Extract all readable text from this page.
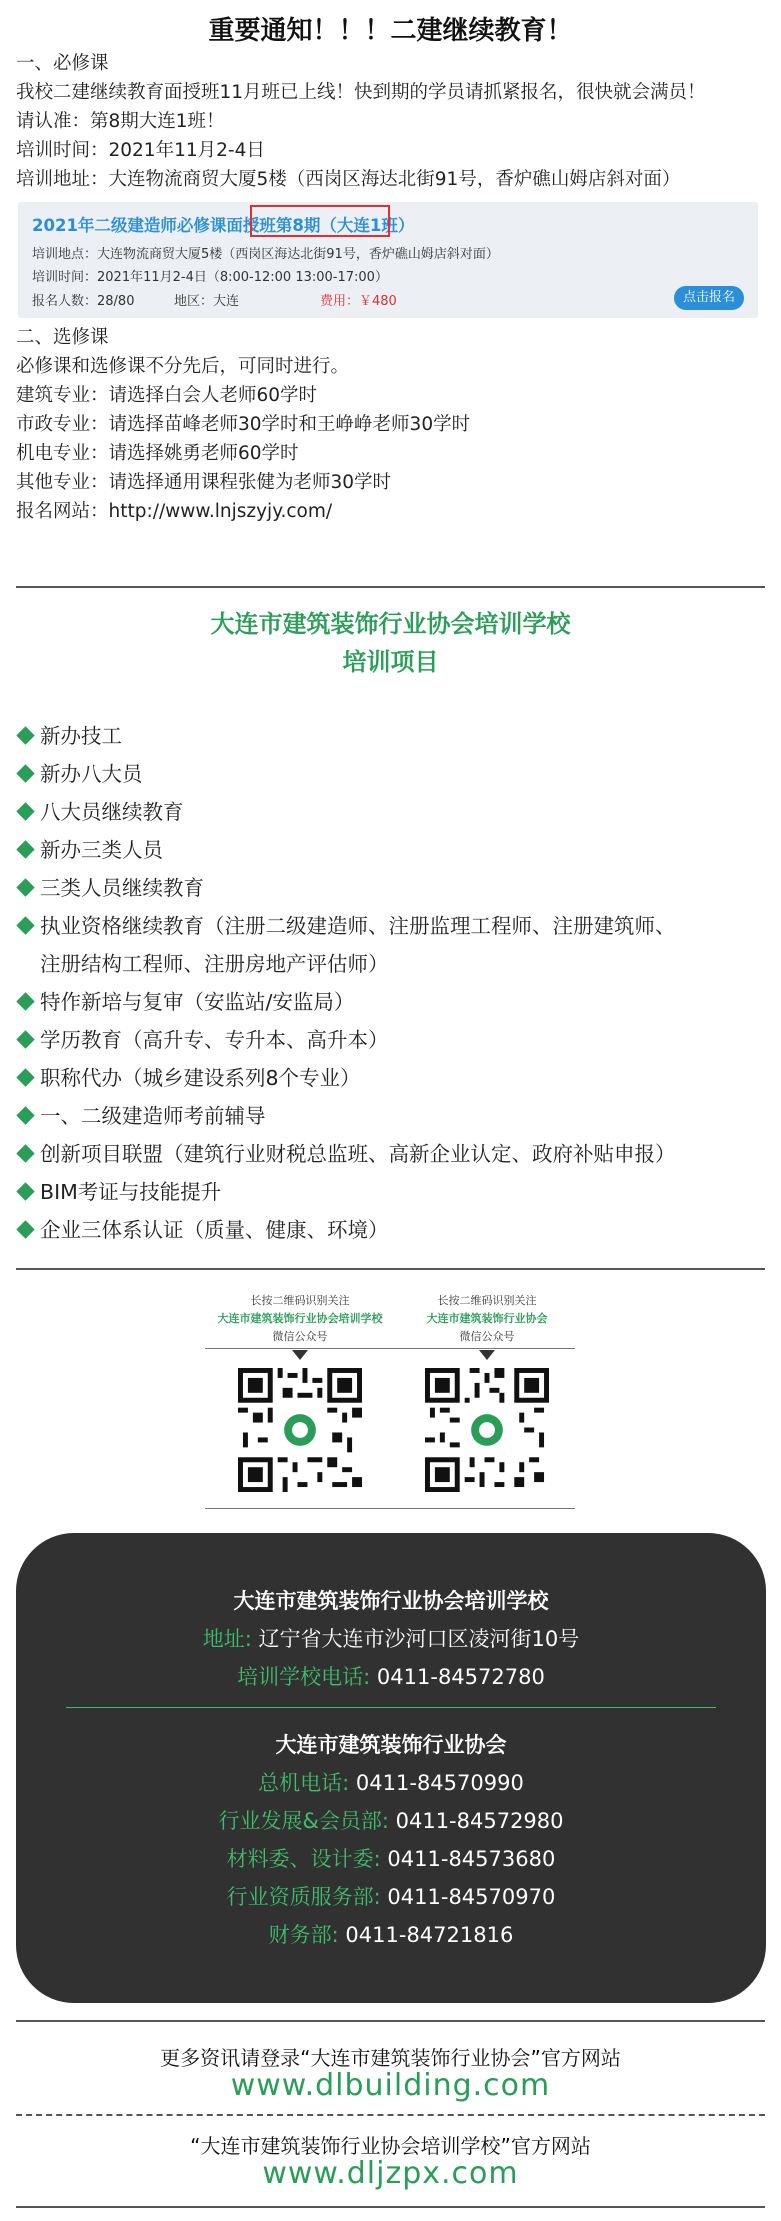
重要通知！！！二建继续教育！
一、必修课
我校二建继续教育面授班11月班已上线！快到期的学员请抓紧报名，很快就会满员！
请认准：第8期大连1班！
培训时间：2021年11月2-4日
培训地址：大连物流商贸大厦5楼（西岗区海达北街91号，香炉礁山姆店斜对面）
2021年二级建造师必修课面授班第8期（大连1班）
培训地点：大连物流商贸大厦5楼（西岗区海达北街91号，香炉礁山姆店斜对面）
培训时间：2021年11月2-4日（8:00-12:00 13:00-17:00）
报名人数：28/80	地区：大连	费用：￥480	点击报名
二、选修课
必修课和选修课不分先后，可同时进行。
建筑专业：请选择白会人老师60学时
市政专业：请选择苗峰老师30学时和王峥峥老师30学时
机电专业：请选择姚勇老师60学时
其他专业：请选择通用课程张健为老师30学时
报名网站：http://www.lnjszyjy.com/
大连市建筑装饰行业协会培训学校
培训项目
新办技工
新办八大员
八大员继续教育
新办三类人员
三类人员继续教育
执业资格继续教育（注册二级建造师、注册监理工程师、注册建筑师、
注册结构工程师、注册房地产评估师）
特作新培与复审（安监站/安监局）
学历教育（高升专、专升本、高升本）
职称代办（城乡建设系列8个专业）
一、二级建造师考前辅导
创新项目联盟（建筑行业财税总监班、高新企业认定、政府补贴申报）
BIM考证与技能提升
企业三体系认证（质量、健康、环境）
长按二维码识别关注
大连市建筑装饰行业协会培训学校
微信公众号
长按二维码识别关注
大连市建筑装饰行业协会
微信公众号
大连市建筑装饰行业协会培训学校
地址: 辽宁省大连市沙河口区凌河街10号
培训学校电话: 0411-84572780
大连市建筑装饰行业协会
总机电话: 0411-84570990
行业发展&会员部: 0411-84572980
材料委、设计委: 0411-84573680
行业资质服务部: 0411-84570970
财务部: 0411-84721816
更多资讯请登录“大连市建筑装饰行业协会”官方网站
www.dlbuilding.com
“大连市建筑装饰行业协会培训学校”官方网站
www.dljzpx.com
